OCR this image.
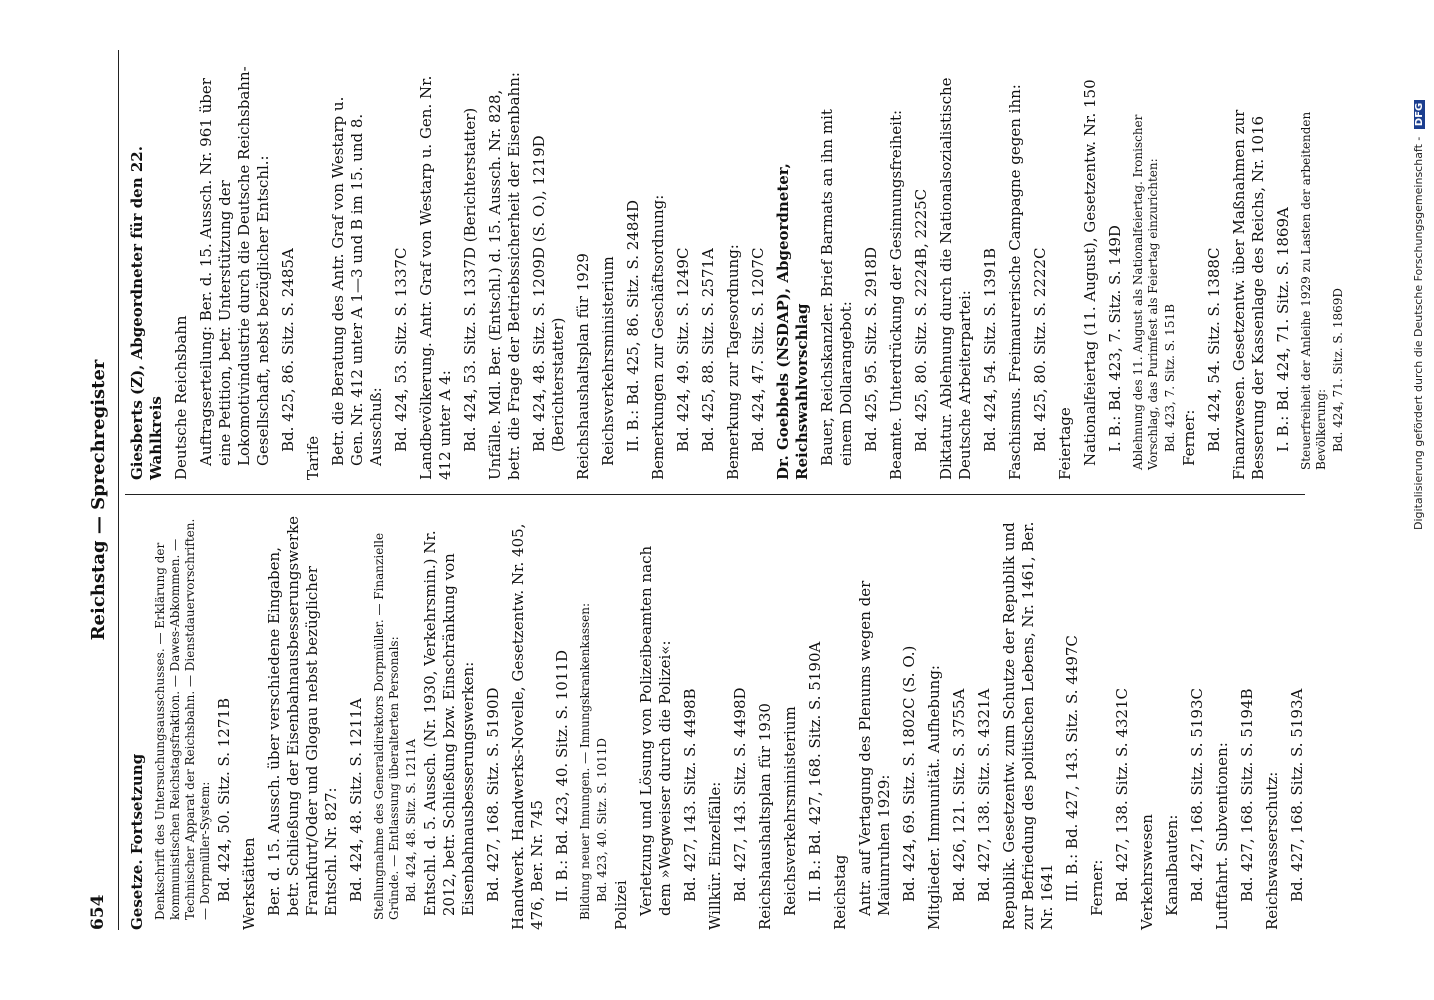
654
Reichstag — Sprechregister
Gesetze. Fortsetzung Denkschrift des Untersuchungsausschusses. — Erklärung der kommunistischen Reichstagsfraktion. — Dawes-Abkommen. — Technischer Apparat der Reichsbahn. — Dienstdauervorschriften. — Dorpmüller-System: Bd. 424, 50. Sitz. S. 1271B Werkstätten Ber. d. 15. Aussch. über verschiedene Eingaben, betr. Schließung der Eisenbahnausbesserungswerke Frankfurt/Oder und Glogau nebst bezüglicher Entschl. Nr. 827: Bd. 424, 48. Sitz. S. 1211A Stellungnahme des Generaldirektors Dorpmüller. — Finanzielle Gründe. — Entlassung überalterten Personals: Bd. 424, 48. Sitz. S. 1211A Entschl. d. 5. Aussch. (Nr. 1930, Verkehrsmin.) Nr. 2012, betr. Schließung bzw. Einschränkung von Eisenbahnausbesserungswerken: Bd. 427, 168. Sitz. S. 5190D Handwerk. Handwerks-Novelle, Gesetzentw. Nr. 405, 476, Ber. Nr. 745 II. B.: Bd. 423, 40. Sitz. S. 1011D Bildung neuer Innungen. — Innungskrankenkassen: Bd. 423, 40. Sitz. S. 1011D
Polizei Verletzung und Lösung von Polizeibeamten nach dem »Wegweiser durch die Polizei«: Bd. 427, 143. Sitz. S. 4498B Willkür. Einzelfälle: Bd. 427, 143. Sitz. S. 4498D Reichshaushaltsplan für 1930 Reichsverkehrsministerium II. B.: Bd. 427, 168. Sitz. S. 5190A Reichstag Antr. auf Vertagung des Plenums wegen der Maiunruhen 1929: Bd. 424, 69. Sitz. S. 1802C (S. O.) Mitglieder. Immunität. Aufhebung: Bd. 426, 121. Sitz. S. 3755A Bd. 427, 138. Sitz. S. 4321A Republik. Gesetzentw. zum Schutze der Republik und zur Befriedung des politischen Lebens, Nr. 1461, Ber. Nr. 1641 III. B.: Bd. 427, 143. Sitz. S. 4497C Ferner: Bd. 427, 138. Sitz. S. 4321C Verkehrswesen Kanalbauten: Bd. 427, 168. Sitz. S. 5193C Luftfahrt. Subventionen: Bd. 427, 168. Sitz. S. 5194B Reichswasserschutz: Bd. 427, 168. Sitz. S. 5193A
Giesberts (Z), Abgeordneter für den 22. Wahlkreis Deutsche Reichsbahn Auftragserteilung: Ber. d. 15. Aussch. Nr. 961 über eine Petition, betr. Unterstützung der Lokomotivindustrie durch die Deutsche Reichsbahn-Gesellschaft, nebst bezüglicher Entschl.: Bd. 425, 86. Sitz. S. 2485A
Tarife Betr. die Beratung des Antr. Graf von Westarp u. Gen. Nr. 412 unter A 1—3 und B im 15. und 8. Ausschuß: Bd. 424, 53. Sitz. S. 1337C Landbevölkerung. Antr. Graf von Westarp u. Gen. Nr. 412 unter A 4: Bd. 424, 53. Sitz. S. 1337D (Berichterstatter) Unfälle. Mdl. Ber. (Entschl.) d. 15. Aussch. Nr. 828, betr. die Frage der Betriebssicherheit der Eisenbahn: Bd. 424, 48. Sitz. S. 1209D (S. O.), 1219D (Berichterstatter) Reichshaushaltsplan für 1929 Reichsverkehrsministerium II. B.: Bd. 425, 86. Sitz. S. 2484D Bemerkungen zur Geschäftsordnung: Bd. 424, 49. Sitz. S. 1249C Bd. 425, 88. Sitz. S. 2571A Bemerkung zur Tagesordnung: Bd. 424, 47. Sitz. S. 1207C Dr. Goebbels (NSDAP), Abgeordneter, Reichswahlvorschlag Bauer, Reichskanzler. Brief Barmats an ihn mit einem Dollarangebot: Bd. 425, 95. Sitz. S. 2918D Beamte. Unterdrückung der Gesinnungsfreiheit: Bd. 425, 80. Sitz. S. 2224B, 2225C Diktatur. Ablehnung durch die Nationalsozialistische Deutsche Arbeiterpartei: Bd. 424, 54. Sitz. S. 1391B Faschismus. Freimaurerische Campagne gegen ihn: Bd. 425, 80. Sitz. S. 2222C Feiertage Nationalfeiertag (11. August), Gesetzentw. Nr. 150 I. B.: Bd. 423, 7. Sitz. S. 149D Ablehnung des 11. August als Nationalfeiertag. Ironischer Vorschlag, das Purimfest als Feiertag einzurichten: Bd. 423, 7. Sitz. S. 151B Ferner: Bd. 424, 54. Sitz. S. 1388C Finanzwesen. Gesetzentw. über Maßnahmen zur Besserung der Kassenlage des Reichs, Nr. 1016 I. B.: Bd. 424, 71. Sitz. S. 1869A Steuerfreiheit der Anleihe 1929 zu Lasten der arbeitenden Bevölkerung: Bd. 424, 71. Sitz. S. 1869D	Digitalisierung gefördert durch die Deutsche Forschungsgemeinschaft - DFG
